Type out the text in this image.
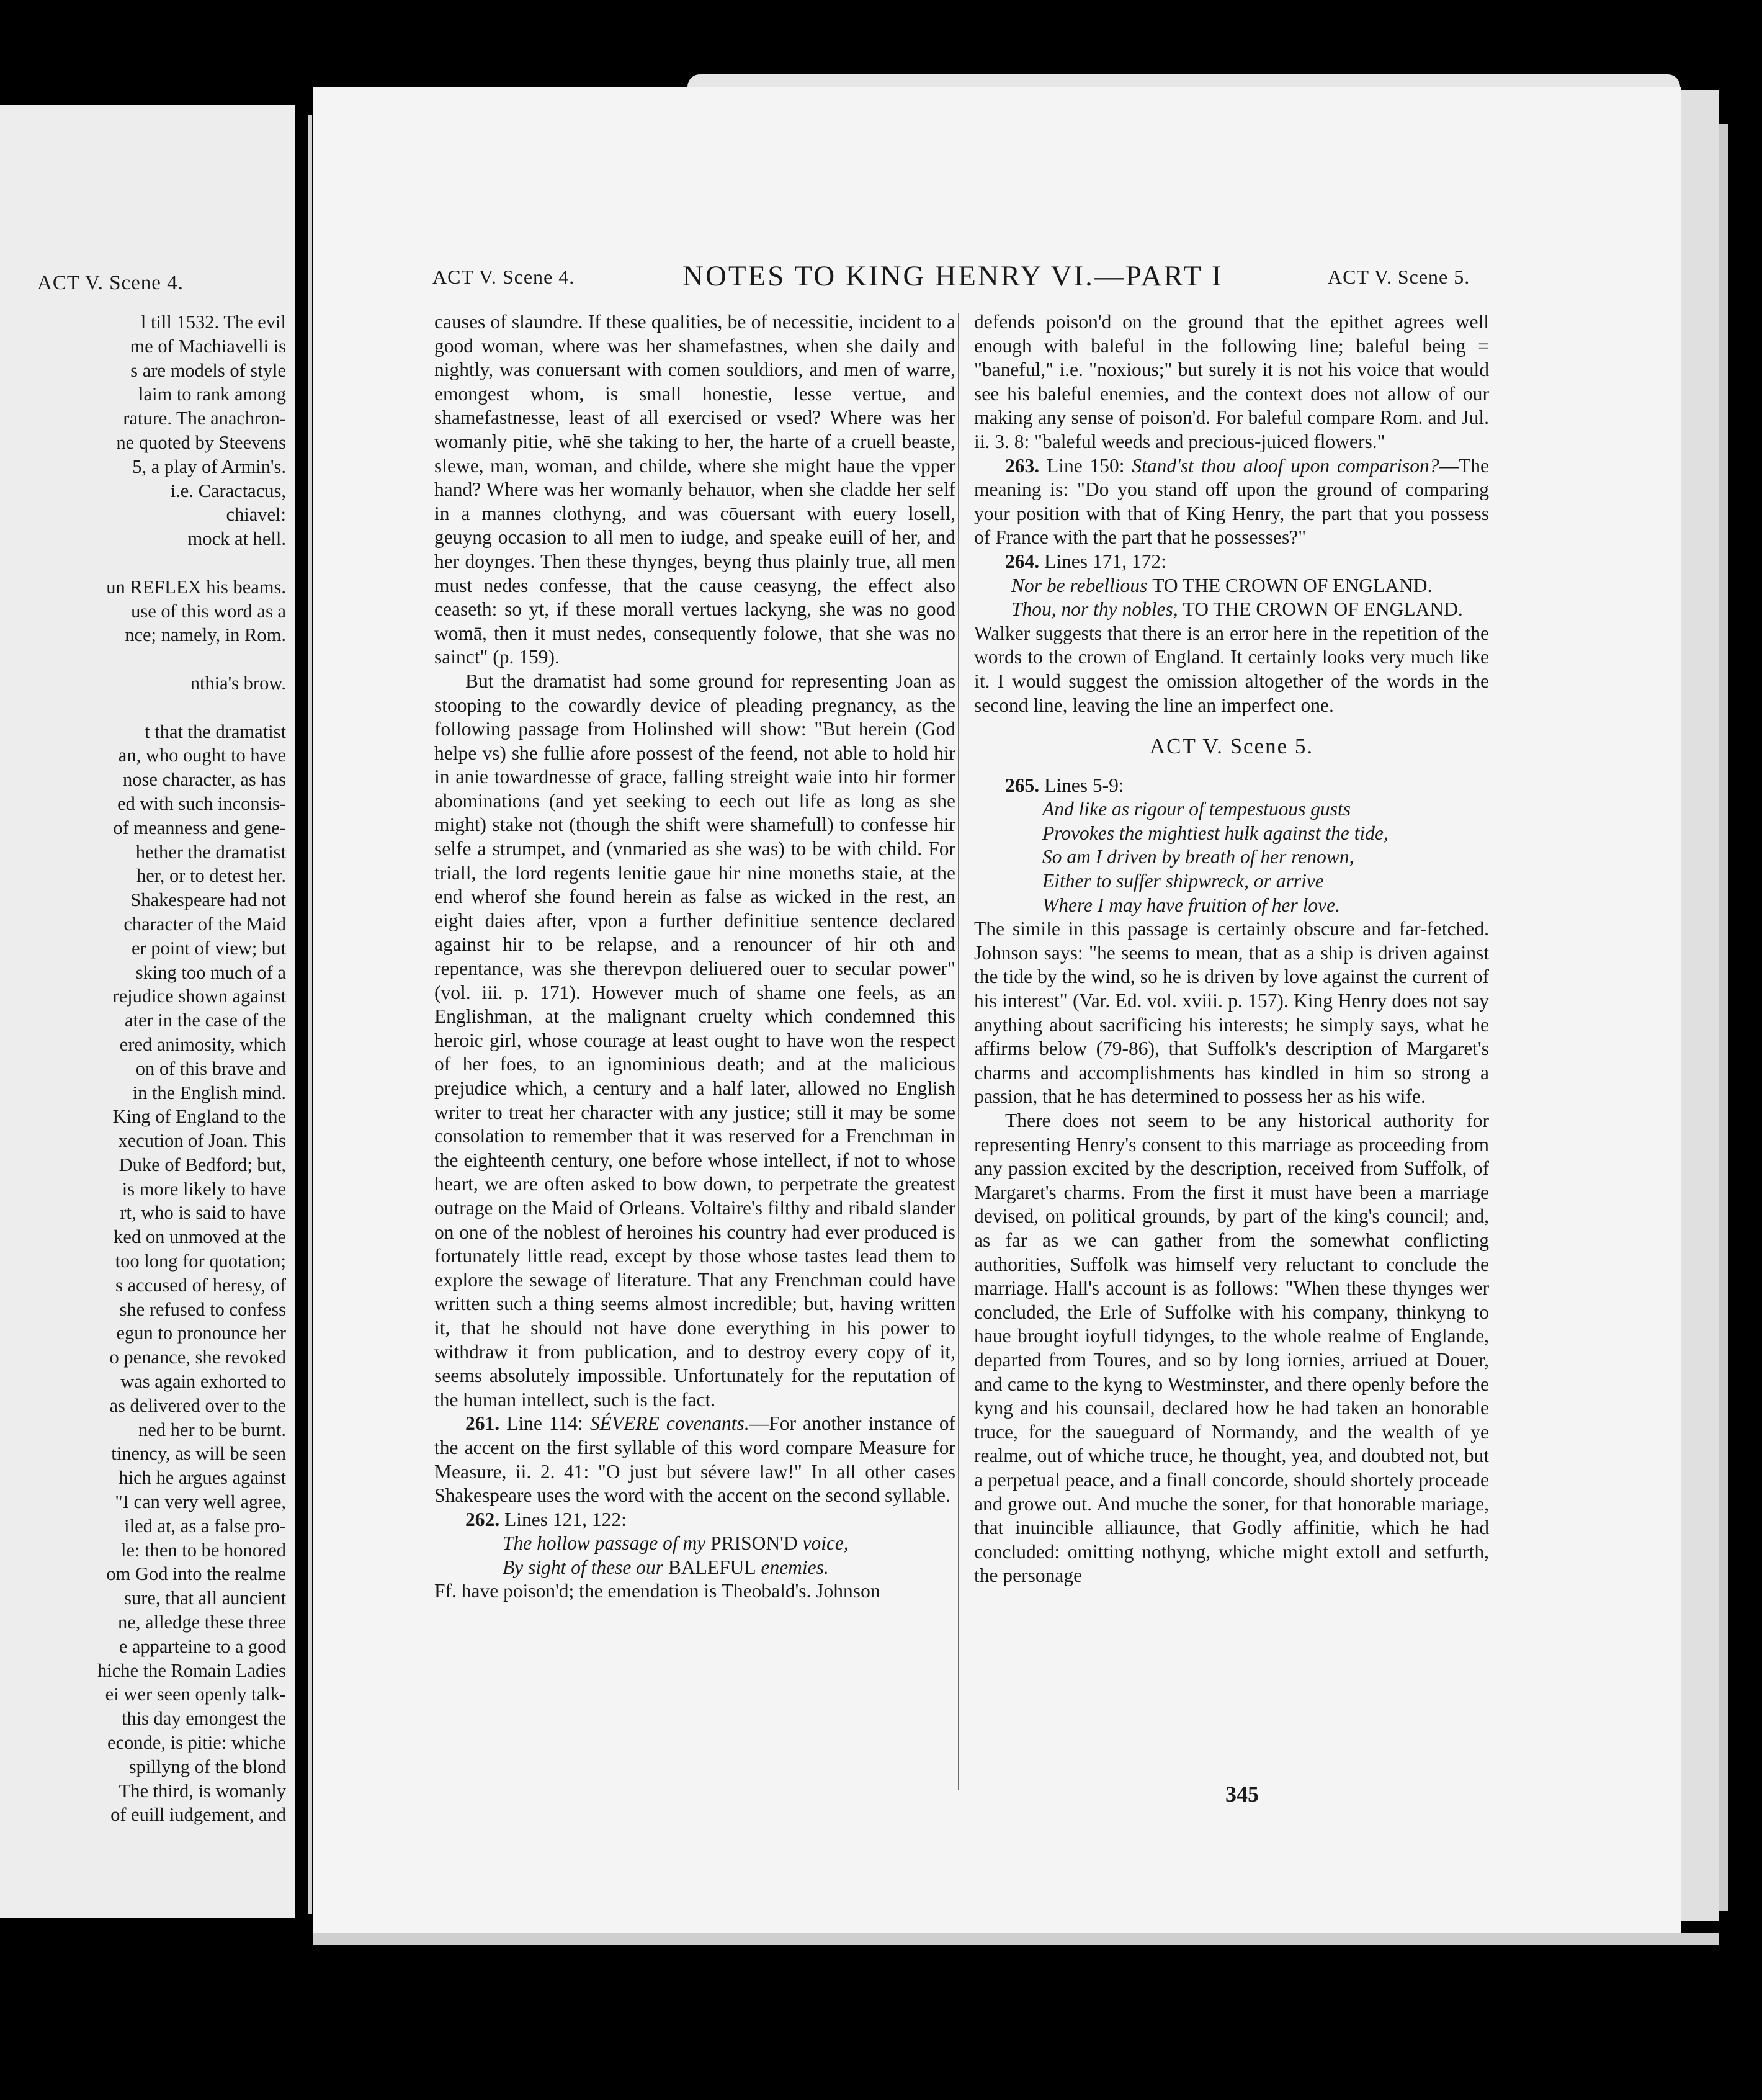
ACT V. Scene 4.
l till 1532. The evil
me of Machiavelli is
s are models of style
laim to rank among
rature. The anachron-
ne quoted by Steevens
5, a play of Armin's.
i.e. Caractacus,
chiavel:
mock at hell.
un REFLEX his beams.
use of this word as a
nce; namely, in Rom.
nthia's brow.
t that the dramatist
an, who ought to have
nose character, as has
ed with such inconsis-
of meanness and gene-
hether the dramatist
her, or to detest her.
Shakespeare had not
character of the Maid
er point of view; but
sking too much of a
rejudice shown against
ater in the case of the
ered animosity, which
on of this brave and
in the English mind.
King of England to the
xecution of Joan. This
Duke of Bedford; but,
is more likely to have
rt, who is said to have
ked on unmoved at the
too long for quotation;
s accused of heresy, of
she refused to confess
egun to pronounce her
o penance, she revoked
was again exhorted to
as delivered over to the
ned her to be burnt.
tinency, as will be seen
hich he argues against
"I can very well agree,
iled at, as a false pro-
le: then to be honored
om God into the realme
sure, that all auncient
ne, alledge these three
e apparteine to a good
hiche the Romain Ladies
ei wer seen openly talk-
this day emongest the
econde, is pitie: whiche
spillyng of the blond
The third, is womanly
of euill iudgement, and
ACT V. Scene 4.	NOTES TO KING HENRY VI.—PART I	ACT V. Scene 5.

causes of slaundre. If these qualities, be of necessitie, incident to a good woman, where was her shamefastnes, when she daily and nightly, was conuersant with comen souldiors, and men of warre, emongest whom, is small honestie, lesse vertue, and shamefastnesse, least of all exercised or vsed? Where was her womanly pitie, whē she taking to her, the harte of a cruell beaste, slewe, man, woman, and childe, where she might haue the vpper hand? Where was her womanly behauor, when she cladde her self in a mannes clothyng, and was cōuersant with euery losell, geuyng occasion to all men to iudge, and speake euill of her, and her doynges. Then these thynges, beyng thus plainly true, all men must nedes confesse, that the cause ceasyng, the effect also ceaseth: so yt, if these morall vertues lackyng, she was no good womā, then it must nedes, consequently folowe, that she was no sainct" (p. 159).

But the dramatist had some ground for representing Joan as stooping to the cowardly device of pleading pregnancy, as the following passage from Holinshed will show: "But herein (God helpe vs) she fullie afore possest of the feend, not able to hold hir in anie towardnesse of grace, falling streight waie into hir former abominations (and yet seeking to eech out life as long as she might) stake not (though the shift were shamefull) to confesse hir selfe a strumpet, and (vnmaried as she was) to be with child. For triall, the lord regents lenitie gaue hir nine moneths staie, at the end wherof she found herein as false as wicked in the rest, an eight daies after, vpon a further definitiue sentence declared against hir to be relapse, and a renouncer of hir oth and repentance, was she therevpon deliuered ouer to secular power" (vol. iii. p. 171). However much of shame one feels, as an Englishman, at the malignant cruelty which condemned this heroic girl, whose courage at least ought to have won the respect of her foes, to an ignominious death; and at the malicious prejudice which, a century and a half later, allowed no English writer to treat her character with any justice; still it may be some consolation to remember that it was reserved for a Frenchman in the eighteenth century, one before whose intellect, if not to whose heart, we are often asked to bow down, to perpetrate the greatest outrage on the Maid of Orleans. Voltaire's filthy and ribald slander on one of the noblest of heroines his country had ever produced is fortunately little read, except by those whose tastes lead them to explore the sewage of literature. That any Frenchman could have written such a thing seems almost incredible; but, having written it, that he should not have done everything in his power to withdraw it from publication, and to destroy every copy of it, seems absolutely impossible. Unfortunately for the reputation of the human intellect, such is the fact.

261. Line 114: SÉVERE covenants.—For another instance of the accent on the first syllable of this word compare Measure for Measure, ii. 2. 41: "O just but sévere law!" In all other cases Shakespeare uses the word with the accent on the second syllable.

262. Lines 121, 122:

The hollow passage of my PRISON'D voice,
By sight of these our BALEFUL enemies.

Ff. have poison'd; the emendation is Theobald's. Johnson

defends poison'd on the ground that the epithet agrees well enough with baleful in the following line; baleful being = "baneful," i.e. "noxious;" but surely it is not his voice that would see his baleful enemies, and the context does not allow of our making any sense of poison'd. For baleful compare Rom. and Jul. ii. 3. 8: "baleful weeds and precious-juiced flowers."

263. Line 150: Stand'st thou aloof upon comparison?—The meaning is: "Do you stand off upon the ground of comparing your position with that of King Henry, the part that you possess of France with the part that he possesses?"

264. Lines 171, 172:

Nor be rebellious TO THE CROWN OF ENGLAND.
Thou, nor thy nobles, TO THE CROWN OF ENGLAND.

Walker suggests that there is an error here in the repetition of the words to the crown of England. It certainly looks very much like it. I would suggest the omission altogether of the words in the second line, leaving the line an imperfect one.

ACT V. Scene 5.

265. Lines 5-9:

And like as rigour of tempestuous gusts
Provokes the mightiest hulk against the tide,
So am I driven by breath of her renown,
Either to suffer shipwreck, or arrive
Where I may have fruition of her love.

The simile in this passage is certainly obscure and far-fetched. Johnson says: "he seems to mean, that as a ship is driven against the tide by the wind, so he is driven by love against the current of his interest" (Var. Ed. vol. xviii. p. 157). King Henry does not say anything about sacrificing his interests; he simply says, what he affirms below (79-86), that Suffolk's description of Margaret's charms and accomplishments has kindled in him so strong a passion, that he has determined to possess her as his wife.

There does not seem to be any historical authority for representing Henry's consent to this marriage as proceeding from any passion excited by the description, received from Suffolk, of Margaret's charms. From the first it must have been a marriage devised, on political grounds, by part of the king's council; and, as far as we can gather from the somewhat conflicting authorities, Suffolk was himself very reluctant to conclude the marriage. Hall's account is as follows: "When these thynges wer concluded, the Erle of Suffolke with his company, thinkyng to haue brought ioyfull tidynges, to the whole realme of Englande, departed from Toures, and so by long iornies, arriued at Douer, and came to the kyng to Westminster, and there openly before the kyng and his counsail, declared how he had taken an honorable truce, for the saueguard of Normandy, and the wealth of ye realme, out of whiche truce, he thought, yea, and doubted not, but a perpetual peace, and a finall concorde, should shortely proceade and growe out. And muche the soner, for that honorable mariage, that inuincible alliaunce, that Godly affinitie, which he had concluded: omitting nothyng, whiche might extoll and setfurth, the personage

345
